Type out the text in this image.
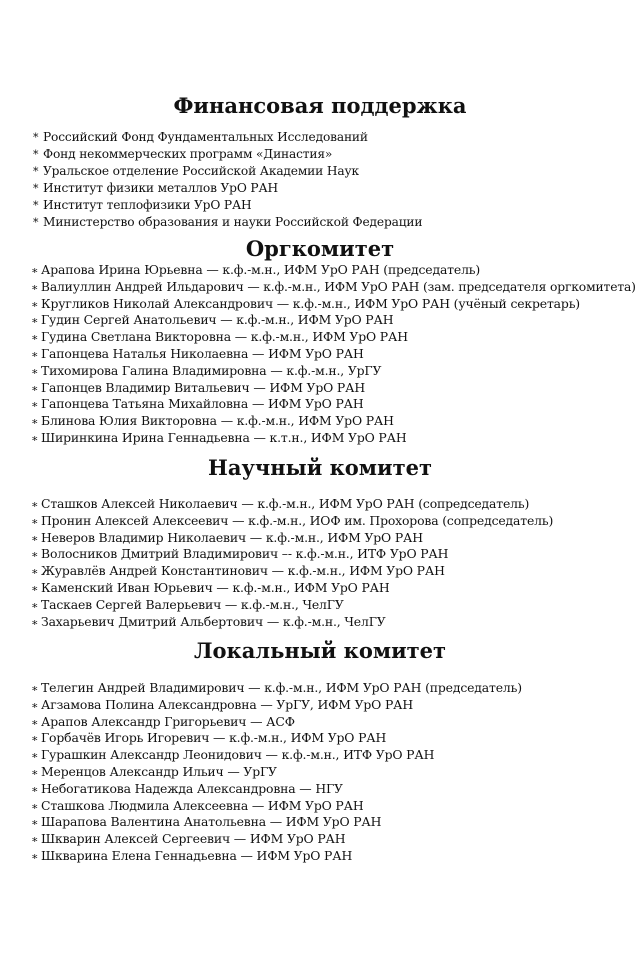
Финансовая поддержка
* Российский Фонд Фундаментальных Исследований
* Фонд некоммерческих программ «Династия»
* Уральское отделение Российской Академии Наук
* Институт физики металлов УрО РАН
* Институт теплофизики УрО РАН
* Министерство образования и науки Российской Федерации
Оргкомитет
∗ Арапова Ирина Юрьевна — к.ф.-м.н., ИФМ УрО РАН (председатель)
∗ Валиуллин Андрей Ильдарович — к.ф.-м.н., ИФМ УрО РАН (зам. председателя оргкомитета)
∗ Кругликов Николай Александрович — к.ф.-м.н., ИФМ УрО РАН (учёный секретарь)
∗ Гудин Сергей Анатольевич — к.ф.-м.н., ИФМ УрО РАН
∗ Гудина Светлана Викторовна — к.ф.-м.н., ИФМ УрО РАН
∗ Гапонцева Наталья Николаевна — ИФМ УрО РАН
∗ Тихомирова Галина Владимировна — к.ф.-м.н., УрГУ
∗ Гапонцев Владимир Витальевич — ИФМ УрО РАН
∗ Гапонцева Татьяна Михайловна — ИФМ УрО РАН
∗ Блинова Юлия Викторовна — к.ф.-м.н., ИФМ УрО РАН
∗ Ширинкина Ирина Геннадьевна — к.т.н., ИФМ УрО РАН
Научный комитет
∗ Сташков Алексей Николаевич — к.ф.-м.н., ИФМ УрО РАН (сопредседатель)
∗ Пронин Алексей Алексеевич — к.ф.-м.н., ИОФ им. Прохорова (сопредседатель)
∗ Неверов Владимир Николаевич — к.ф.-м.н., ИФМ УрО РАН
∗ Волосников Дмитрий Владимирович –- к.ф.-м.н., ИТФ УрО РАН
∗ Журавлёв Андрей Константинович — к.ф.-м.н., ИФМ УрО РАН
∗ Каменский Иван Юрьевич — к.ф.-м.н., ИФМ УрО РАН
∗ Таскаев Сергей Валерьевич — к.ф.-м.н., ЧелГУ
∗ Захарьевич Дмитрий Альбертович — к.ф.-м.н., ЧелГУ
Локальный комитет
∗ Телегин Андрей Владимирович — к.ф.-м.н., ИФМ УрО РАН (председатель)
∗ Агзамова Полина Александровна — УрГУ, ИФМ УрО РАН
∗ Арапов Александр Григорьевич — АСФ
∗ Горбачёв Игорь Игоревич — к.ф.-м.н., ИФМ УрО РАН
∗ Гурашкин Александр Леонидович — к.ф.-м.н., ИТФ УрО РАН
∗ Меренцов Александр Ильич — УрГУ
∗ Небогатикова Надежда Александровна — НГУ
∗ Сташкова Людмила Алексеевна — ИФМ УрО РАН
∗ Шарапова Валентина Анатольевна — ИФМ УрО РАН
∗ Шкварин Алексей Сергеевич — ИФМ УрО РАН
∗ Шкварина Елена Геннадьевна — ИФМ УрО РАН
